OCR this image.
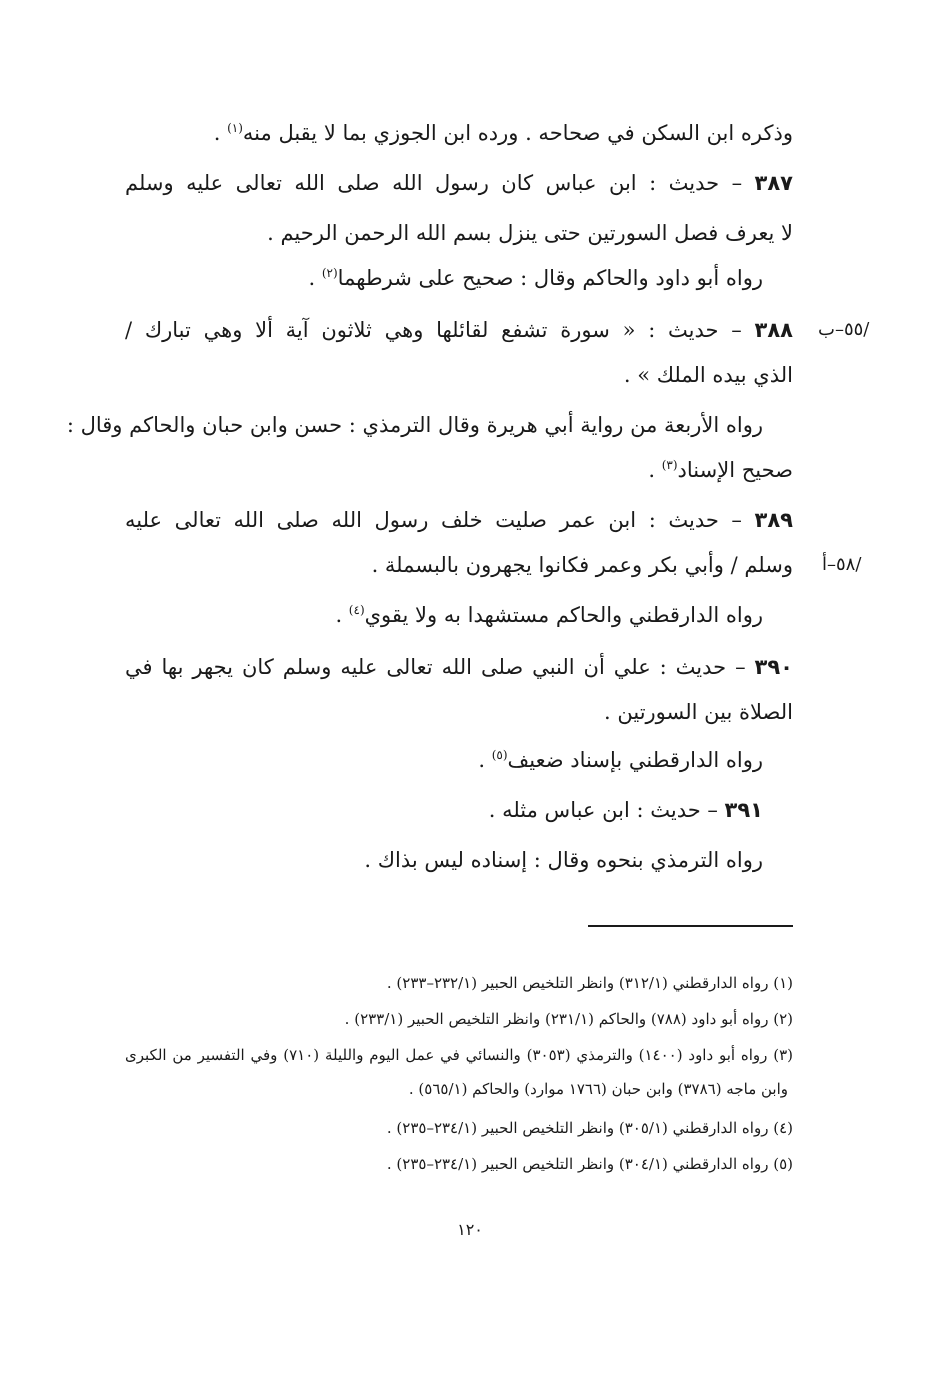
وذكره ابن السكن في صحاحه . ورده ابن الجوزي بما لا يقبل منه$^{(١)}$ .
٣٨٧ – حديث : ابن عباس كان رسول الله صلى الله تعالى عليه وسلم
لا يعرف فصل السورتين حتى ينزل بسم الله الرحمن الرحيم .
رواه أبو داود والحاكم وقال : صحيح على شرطهما$^{(٢)}$ .
٣٨٨ – حديث : « سورة تشفع لقائلها وهي ثلاثون آية ألا وهي تبارك /
الذي بيده الملك » .
رواه الأربعة من رواية أبي هريرة وقال الترمذي : حسن وابن حبان والحاكم وقال :
صحيح الإسناد$^{(٣)}$ .
٣٨٩ – حديث : ابن عمر صليت خلف رسول الله صلى الله تعالى عليه
وسلم / وأبي بكر وعمر فكانوا يجهرون بالبسملة .
رواه الدارقطني والحاكم مستشهدا به ولا يقوي$^{(٤)}$ .
٣٩٠ – حديث : علي أن النبي صلى الله تعالى عليه وسلم كان يجهر بها في
الصلاة بين السورتين .
رواه الدارقطني بإسناد ضعيف$^{(٥)}$ .
٣٩١ – حديث : ابن عباس مثله .
رواه الترمذي بنحوه وقال : إسناده ليس بذاك .
/٥٥–ب
/٥٨–أ
(١) رواه الدارقطني (٣١٢/١) وانظر التلخيص الحبير (٢٣٢/١–٢٣٣) .
(٢) رواه أبو داود (٧٨٨) والحاكم (٢٣١/١) وانظر التلخيص الحبير (٢٣٣/١) .
(٣) رواه أبو داود (١٤٠٠) والترمذي (٣٠٥٣) والنسائي في عمل اليوم والليلة (٧١٠) وفي التفسير من الكبرى
وابن ماجه (٣٧٨٦) وابن حبان (١٧٦٦ موارد) والحاكم (٥٦٥/١) .
(٤) رواه الدارقطني (٣٠٥/١) وانظر التلخيص الحبير (٢٣٤/١–٢٣٥) .
(٥) رواه الدارقطني (٣٠٤/١) وانظر التلخيص الحبير (٢٣٤/١–٢٣٥) .
١٢٠
